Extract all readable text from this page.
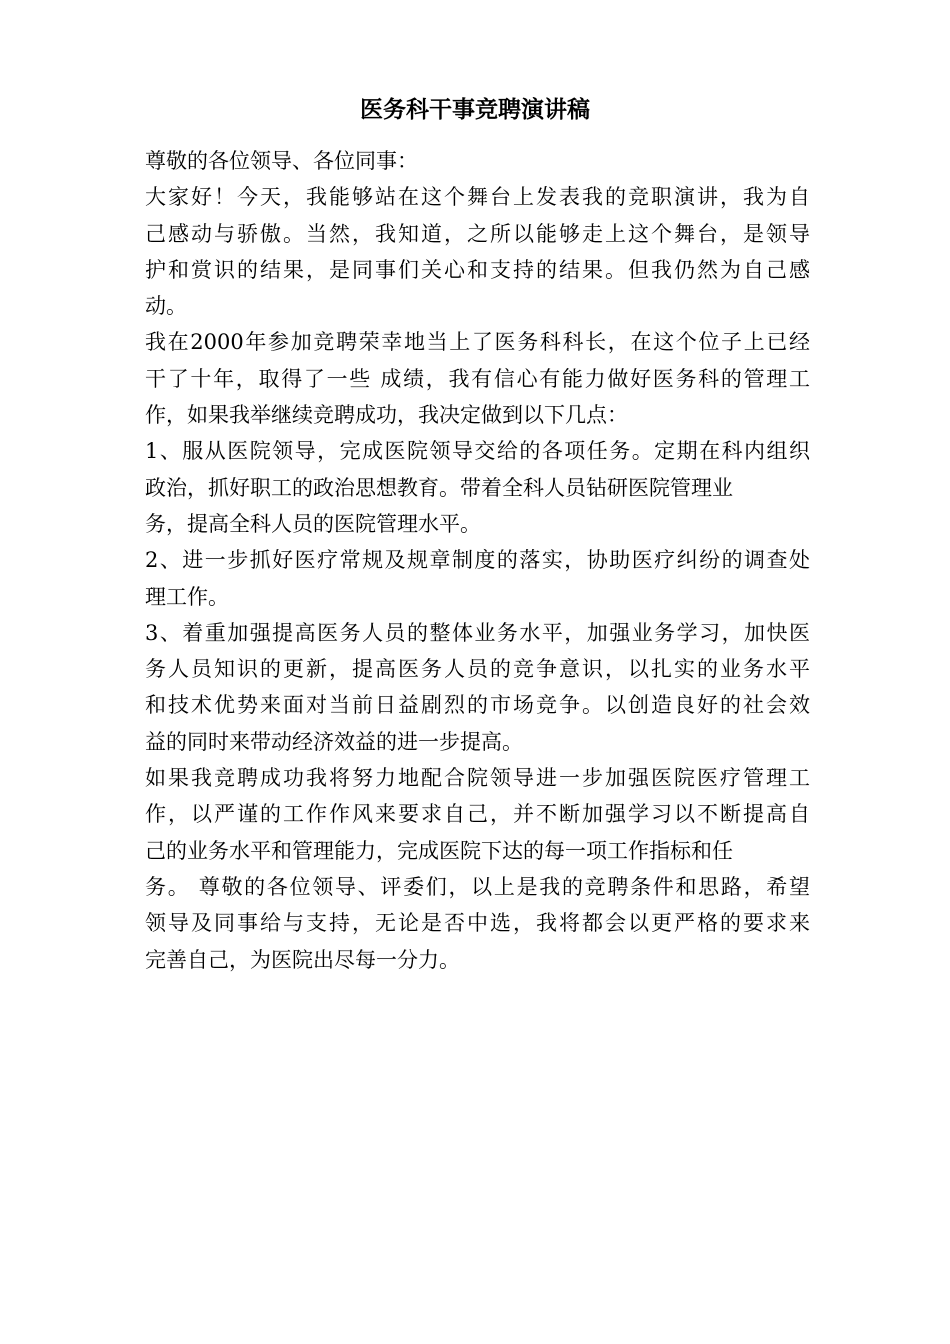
医务科干事竞聘演讲稿
尊敬的各位领导、各位同事：
大家好！今天，我能够站在这个舞台上发表我的竞职演讲，我为自
己感动与骄傲。当然，我知道，之所以能够走上这个舞台，是领导
护和赏识的结果，是同事们关心和支持的结果。但我仍然为自己感
动。
我在2000年参加竞聘荣幸地当上了医务科科长，在这个位子上已经
干了十年，取得了一些 成绩，我有信心有能力做好医务科的管理工
作，如果我举继续竞聘成功，我决定做到以下几点：
1、服从医院领导，完成医院领导交给的各项任务。定期在科内组织
政治，抓好职工的政治思想教育。带着全科人员钻研医院管理业
务，提高全科人员的医院管理水平。
2、进一步抓好医疗常规及规章制度的落实，协助医疗纠纷的调查处
理工作。
3、着重加强提高医务人员的整体业务水平，加强业务学习，加快医
务人员知识的更新，提高医务人员的竞争意识，以扎实的业务水平
和技术优势来面对当前日益剧烈的市场竞争。以创造良好的社会效
益的同时来带动经济效益的进一步提高。
如果我竞聘成功我将努力地配合院领导进一步加强医院医疗管理工
作，以严谨的工作作风来要求自己，并不断加强学习以不断提高自
己的业务水平和管理能力，完成医院下达的每一项工作指标和任
务。 尊敬的各位领导、评委们，以上是我的竞聘条件和思路，希望
领导及同事给与支持，无论是否中选，我将都会以更严格的要求来
完善自己，为医院出尽每一分力。
